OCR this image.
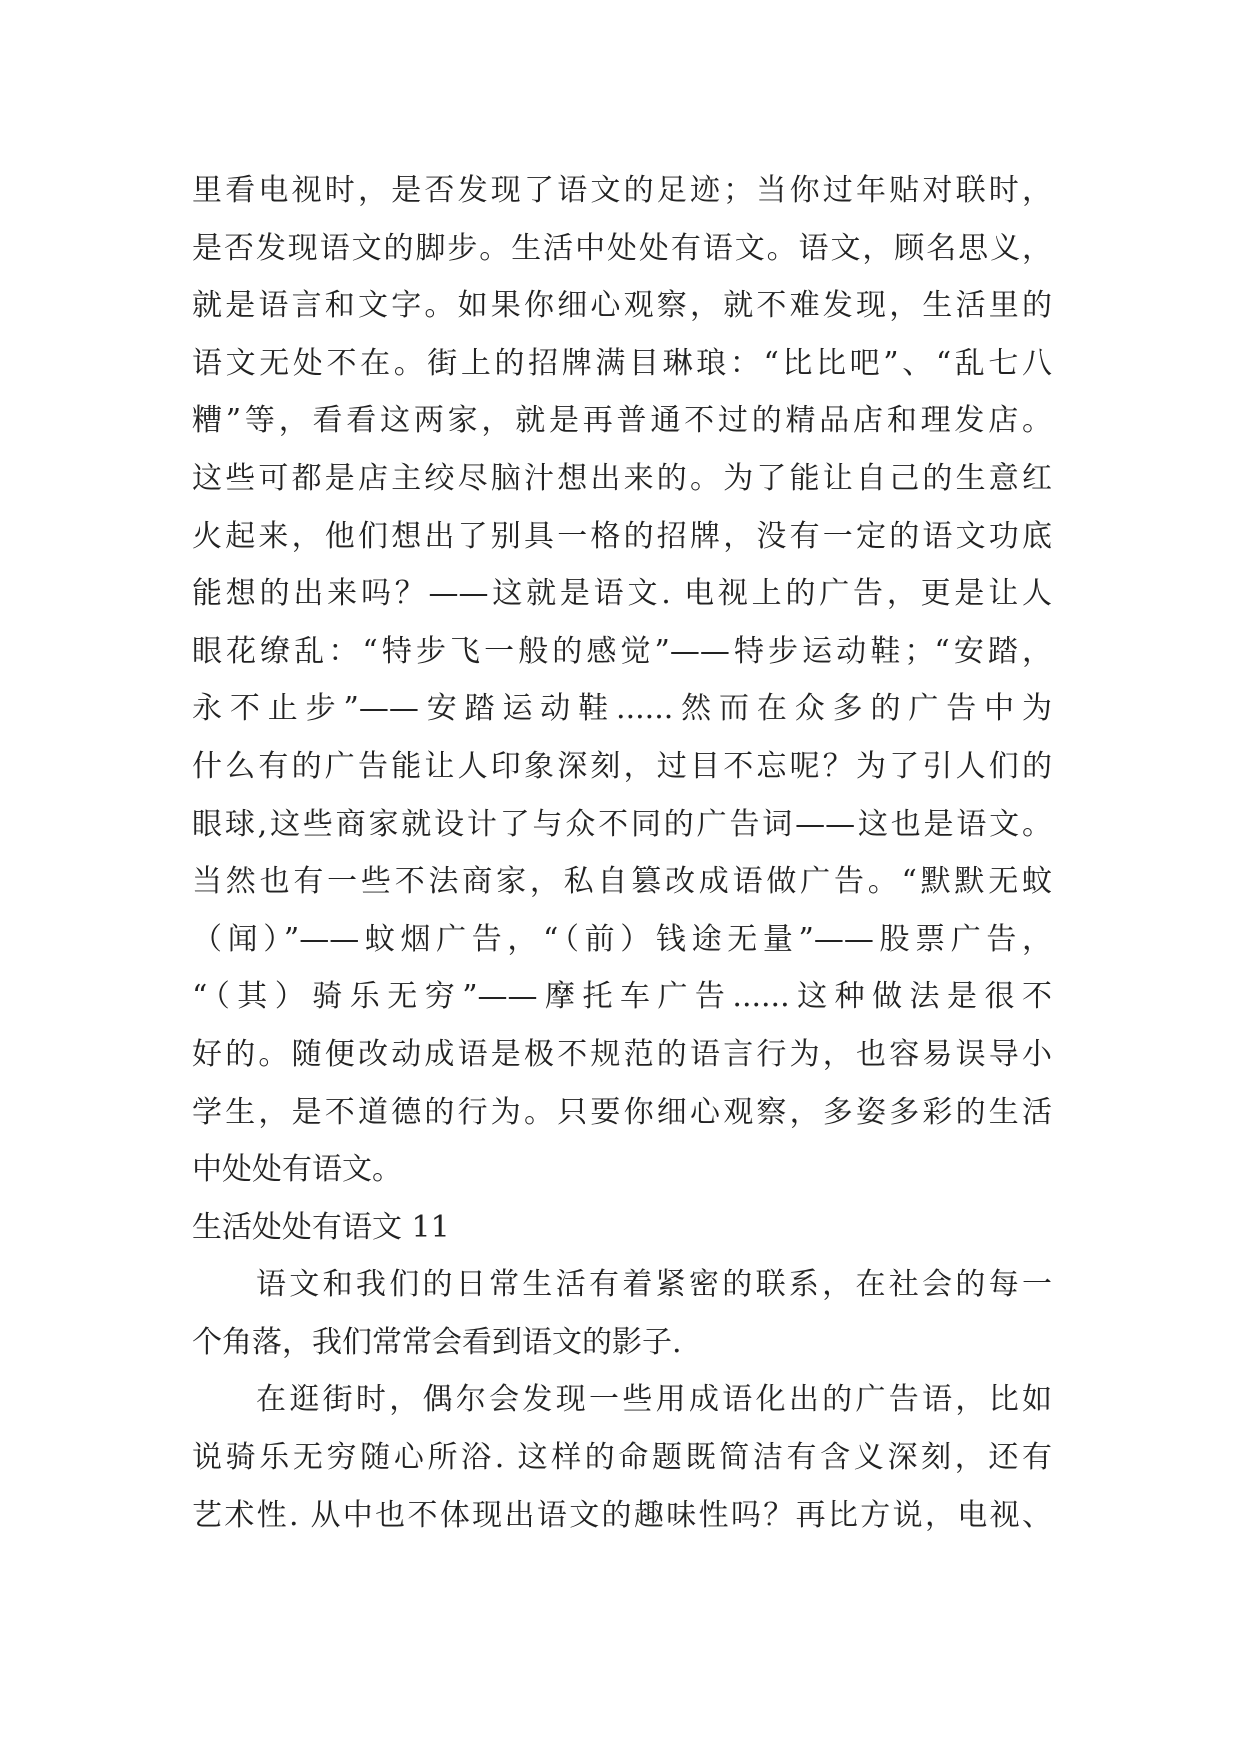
里看电视时，是否发现了语文的足迹；当你过年贴对联时，
是否发现语文的脚步。生活中处处有语文。语文，顾名思义，
就是语言和文字。如果你细心观察，就不难发现，生活里的
语文无处不在。街上的招牌满目琳琅：“比比吧”、“乱七八
糟”等，看看这两家，就是再普通不过的精品店和理发店。
这些可都是店主绞尽脑汁想出来的。为了能让自己的生意红
火起来，他们想出了别具一格的招牌，没有一定的语文功底
能想的出来吗？——这就是语文. 电视上的广告，更是让人
眼花缭乱：“特步飞一般的感觉”——特步运动鞋；“安踏，
永不止步”——安踏运动鞋......然而在众多的广告中为
什么有的广告能让人印象深刻，过目不忘呢？为了引人们的
眼球,这些商家就设计了与众不同的广告词——这也是语文。
当然也有一些不法商家，私自篡改成语做广告。“默默无蚊
（闻）”——蚊烟广告，“（前）钱途无量”——股票广告，
“（其）骑乐无穷”——摩托车广告......这种做法是很不
好的。随便改动成语是极不规范的语言行为，也容易误导小
学生，是不道德的行为。只要你细心观察，多姿多彩的生活
中处处有语文。
生活处处有语文 11
语文和我们的日常生活有着紧密的联系，在社会的每一
个角落，我们常常会看到语文的影子.
在逛街时，偶尔会发现一些用成语化出的广告语，比如
说骑乐无穷随心所浴. 这样的命题既简洁有含义深刻，还有
艺术性. 从中也不体现出语文的趣味性吗？再比方说，电视、
